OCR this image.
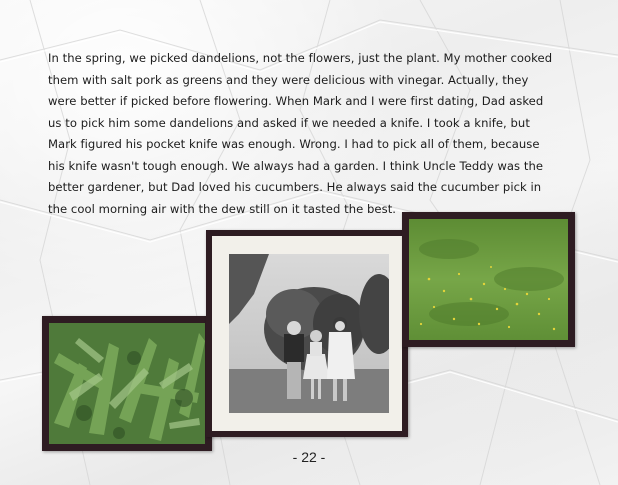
In the spring, we picked dandelions, not the flowers, just the plant. My mother cooked
them with salt pork as greens and they were delicious with vinegar. Actually, they
were better if picked before flowering. When Mark and I were first dating, Dad asked
us to pick him some dandelions and asked if we needed a knife. I took a knife, but
Mark figured his pocket knife was enough. Wrong. I had to pick all of them, because
his knife wasn't tough enough. We always had a garden. I think Uncle Teddy was the
better gardener, but Dad loved his cucumbers. He always said the cucumber pick in
the cool morning air with the dew still on it tasted the best.
- 22 -
